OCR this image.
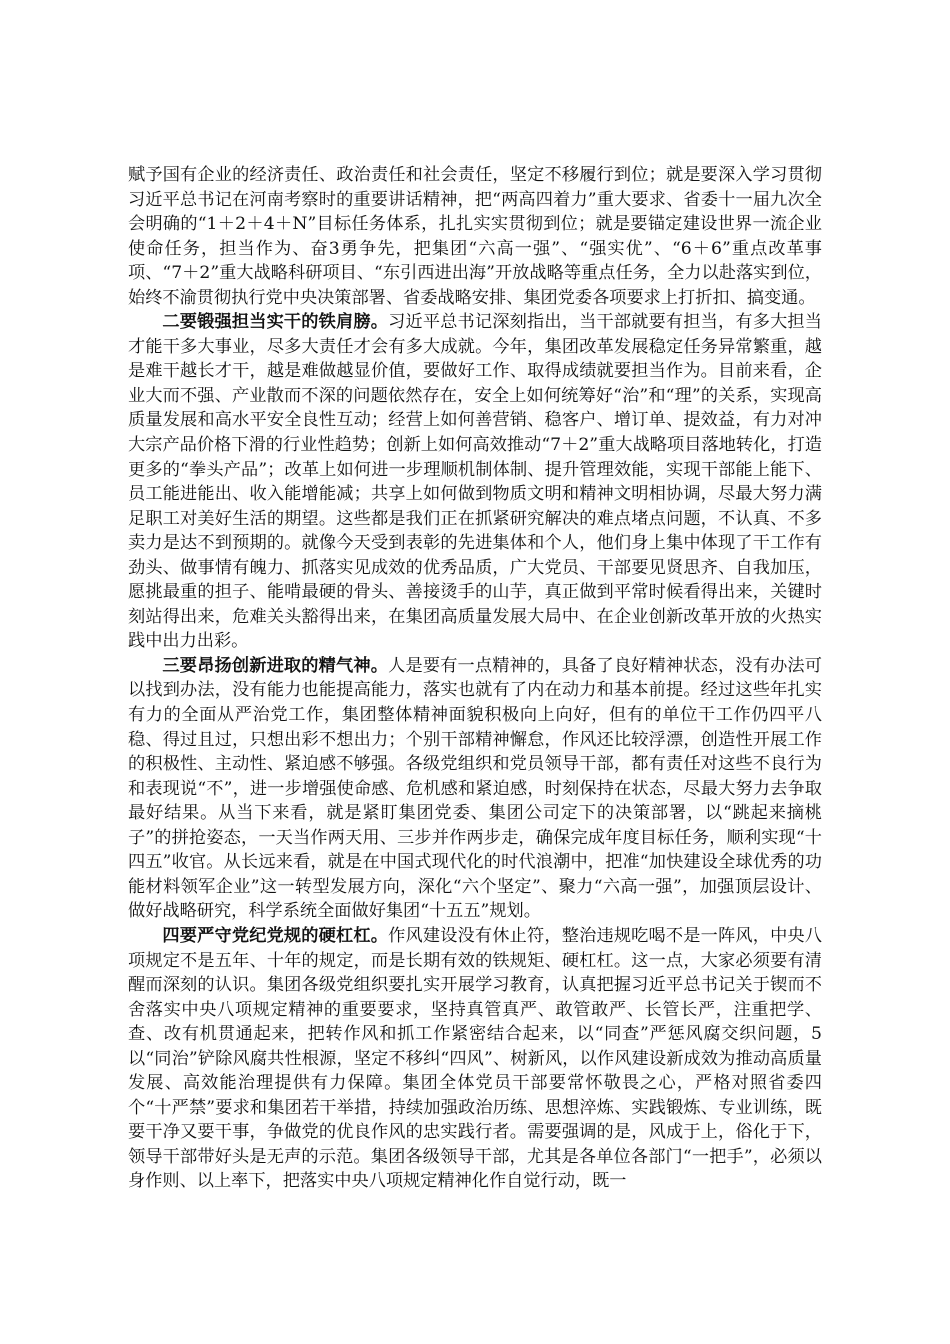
赋予国有企业的经济责任、政治责任和社会责任，坚定不移履行到位；就是要深入学习贯彻习近平总书记在河南考察时的重要讲话精神，把“两高四着力”重大要求、省委十一届九次全会明确的“1＋2＋4＋N”目标任务体系，扎扎实实贯彻到位；就是要锚定建设世界一流企业使命任务，担当作为、奋3勇争先，把集团“六高一强”、“强实优”、“6＋6”重点改革事项、“7＋2”重大战略科研项目、“东引西进出海”开放战略等重点任务，全力以赴落实到位，始终不渝贯彻执行党中央决策部署、省委战略安排、集团党委各项要求上打折扣、搞变通。

二要锻强担当实干的铁肩膀。习近平总书记深刻指出，当干部就要有担当，有多大担当才能干多大事业，尽多大责任才会有多大成就。今年，集团改革发展稳定任务异常繁重，越是难干越长才干，越是难做越显价值，要做好工作、取得成绩就要担当作为。目前来看，企业大而不强、产业散而不深的问题依然存在，安全上如何统筹好“治”和“理”的关系，实现高质量发展和高水平安全良性互动；经营上如何善营销、稳客户、增订单、提效益，有力对冲大宗产品价格下滑的行业性趋势；创新上如何高效推动“7＋2”重大战略项目落地转化，打造更多的“拳头产品”；改革上如何进一步理顺机制体制、提升管理效能，实现干部能上能下、员工能进能出、收入能增能减；共享上如何做到物质文明和精神文明相协调，尽最大努力满足职工对美好生活的期望。这些都是我们正在抓紧研究解决的难点堵点问题，不认真、不多卖力是达不到预期的。就像今天受到表彰的先进集体和个人，他们身上集中体现了干工作有劲头、做事情有魄力、抓落实见成效的优秀品质，广大党员、干部要见贤思齐、自我加压，愿挑最重的担子、能啃最硬的骨头、善接烫手的山芋，真正做到平常时候看得出来，关键时刻站得出来，危难关头豁得出来，在集团高质量发展大局中、在企业创新改革开放的火热实践中出力出彩。

三要昂扬创新进取的精气神。人是要有一点精神的，具备了良好精神状态，没有办法可以找到办法，没有能力也能提高能力，落实也就有了内在动力和基本前提。经过这些年扎实有力的全面从严治党工作，集团整体精神面貌积极向上向好，但有的单位干工作仍四平八稳、得过且过，只想出彩不想出力；个别干部精神懈怠，作风还比较浮漂，创造性开展工作的积极性、主动性、紧迫感不够强。各级党组织和党员领导干部，都有责任对这些不良行为和表现说“不”，进一步增强使命感、危机感和紧迫感，时刻保持在状态，尽最大努力去争取最好结果。从当下来看，就是紧盯集团党委、集团公司定下的决策部署，以“跳起来摘桃子”的拼抢姿态，一天当作两天用、三步并作两步走，确保完成年度目标任务，顺利实现“十四五”收官。从长远来看，就是在中国式现代化的时代浪潮中，把准“加快建设全球优秀的功能材料领军企业”这一转型发展方向，深化“六个坚定”、聚力“六高一强”，加强顶层设计、做好战略研究，科学系统全面做好集团“十五五”规划。

四要严守党纪党规的硬杠杠。作风建设没有休止符，整治违规吃喝不是一阵风，中央八项规定不是五年、十年的规定，而是长期有效的铁规矩、硬杠杠。这一点，大家必须要有清醒而深刻的认识。集团各级党组织要扎实开展学习教育，认真把握习近平总书记关于锲而不舍落实中央八项规定精神的重要要求，坚持真管真严、敢管敢严、长管长严，注重把学、查、改有机贯通起来，把转作风和抓工作紧密结合起来，以“同查”严惩风腐交织问题，5以“同治”铲除风腐共性根源，坚定不移纠“四风”、树新风，以作风建设新成效为推动高质量发展、高效能治理提供有力保障。集团全体党员干部要常怀敬畏之心，严格对照省委四个“十严禁”要求和集团若干举措，持续加强政治历练、思想淬炼、实践锻炼、专业训练，既要干净又要干事，争做党的优良作风的忠实践行者。需要强调的是，风成于上，俗化于下，领导干部带好头是无声的示范。集团各级领导干部，尤其是各单位各部门“一把手”，必须以身作则、以上率下，把落实中央八项规定精神化作自觉行动，既一
